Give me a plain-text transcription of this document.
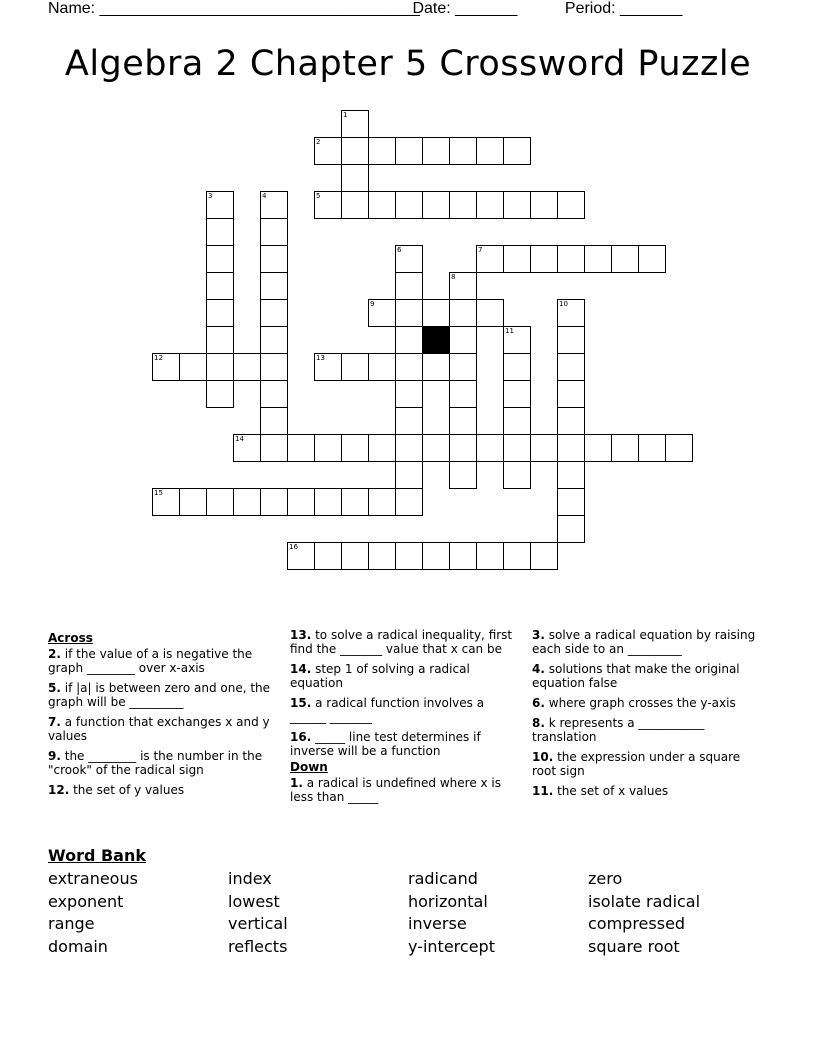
Name: ____________________________________ Date: _______	Period: _______
Algebra 2 Chapter 5 Crossword Puzzle
1
2
3	4	5
6	7
8
9	10
11
12	13
14
15
16
Across
2. if the value of a is negative the graph ________ over x-axis
5. if |a| is between zero and one, the graph will be _________
7. a function that exchanges x and y values
9. the ________ is the number in the "crook" of the radical sign
12. the set of y values
13. to solve a radical inequality, first find the _______ value that x can be
14. step 1 of solving a radical equation
15. a radical function involves a ______ _______
16. _____ line test determines if inverse will be a function
Down
1. a radical is undefined where x is less than _____
3. solve a radical equation by raising each side to an _________
4. solutions that make the original equation false
6. where graph crosses the y-axis
8. k represents a ___________ translation
10. the expression under a square root sign
11. the set of x values
Word Bank
extraneous
exponent
range
domain
index
lowest
vertical
reflects
radicand
horizontal
inverse
y-intercept
zero
isolate radical
compressed
square root
